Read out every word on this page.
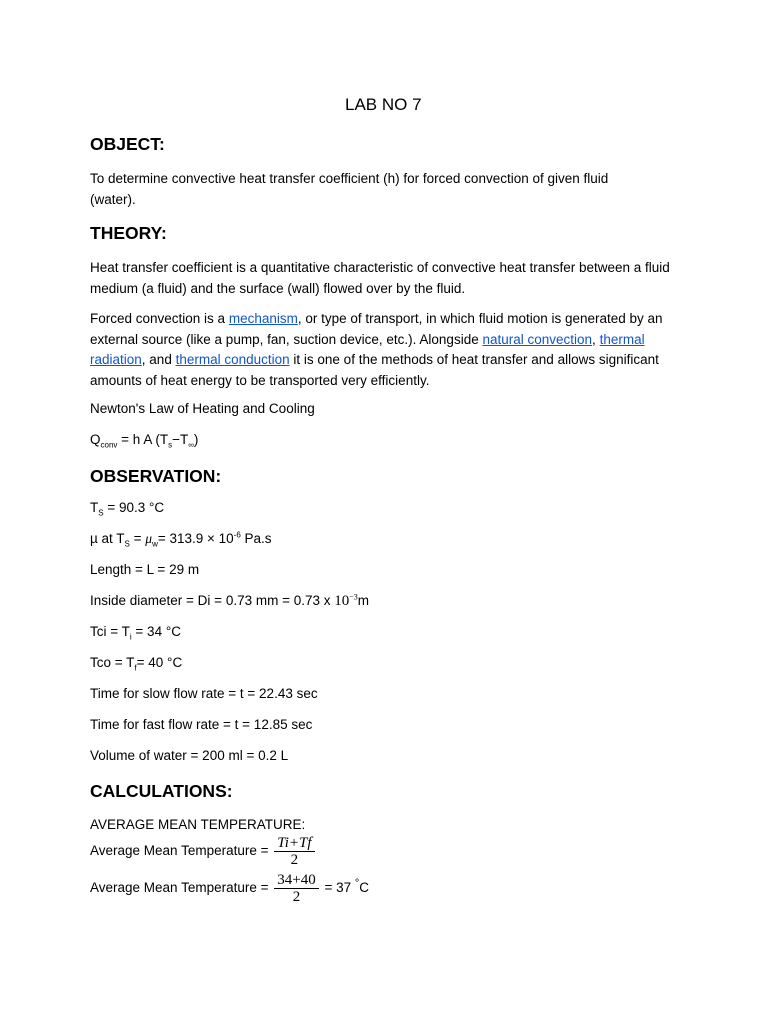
LAB NO 7
OBJECT:
To determine convective heat transfer coefficient (h) for forced convection of given fluid (water).
THEORY:
Heat transfer coefficient is a quantitative characteristic of convective heat transfer between a fluid medium (a fluid) and the surface (wall) flowed over by the fluid.
Forced convection is a mechanism, or type of transport, in which fluid motion is generated by an external source (like a pump, fan, suction device, etc.). Alongside natural convection, thermal radiation, and thermal conduction it is one of the methods of heat transfer and allows significant amounts of heat energy to be transported very efficiently.
Newton's Law of Heating and Cooling
$Q_{conv} = h$ A $(T_s-T_\infty)$
OBSERVATION:
$T_S = 90.3$ °C
µ at $T_S = \mu_w= 313.9 \times 10^{-6}$ Pa.s
Length = L = 29 m
Inside diameter = Di = 0.73 mm = 0.73 x $10^{-3}m$
Tci = $T_i = 34$ °C
Tco = $T_f= 40$ °C
Time for slow flow rate = t = 22.43 sec
Time for fast flow rate = t = 12.85 sec
Volume of water = 200 ml = 0.2 L
CALCULATIONS:
AVERAGE MEAN TEMPERATURE:
Average Mean Temperature = $\frac{Ti+Tf}{2}$
Average Mean Temperature = $\frac{34+40}{2} = 37$ °C
